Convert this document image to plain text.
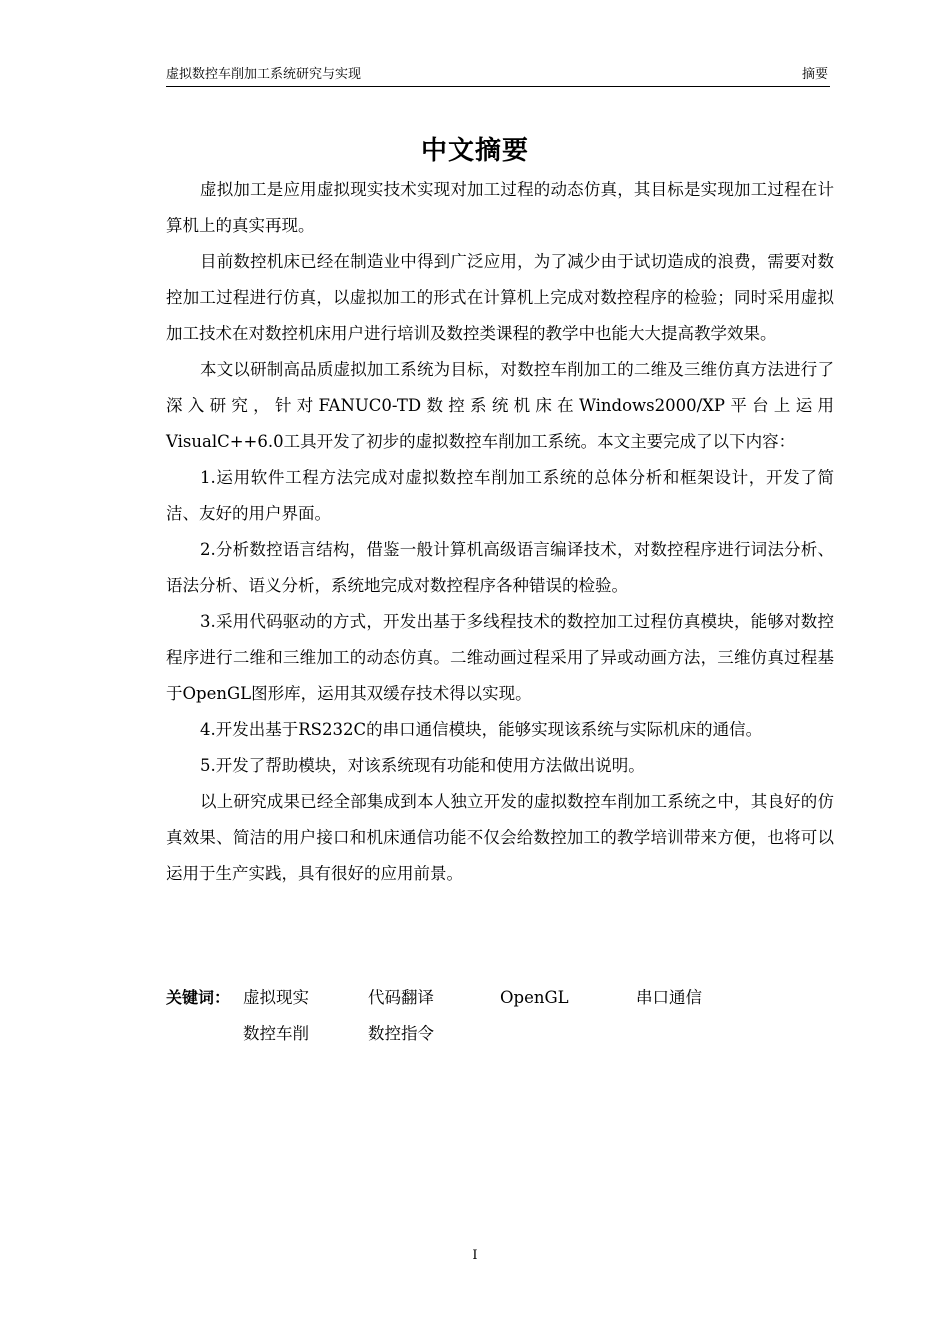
虚拟数控车削加工系统研究与实现	摘要
中文摘要

虚拟加工是应用虚拟现实技术实现对加工过程的动态仿真，其目标是实现加工过程在计算机上的真实再现。

目前数控机床已经在制造业中得到广泛应用，为了减少由于试切造成的浪费，需要对数控加工过程进行仿真，以虚拟加工的形式在计算机上完成对数控程序的检验；同时采用虚拟加工技术在对数控机床用户进行培训及数控类课程的教学中也能大大提高教学效果。

本文以研制高品质虚拟加工系统为目标，对数控车削加工的二维及三维仿真方法进行了深入研究，针对FANUC0-TD数控系统机床在Windows2000/XP平台上运用VisualC++6.0工具开发了初步的虚拟数控车削加工系统。本文主要完成了以下内容：

1.运用软件工程方法完成对虚拟数控车削加工系统的总体分析和框架设计，开发了简洁、友好的用户界面。

2.分析数控语言结构，借鉴一般计算机高级语言编译技术，对数控程序进行词法分析、语法分析、语义分析，系统地完成对数控程序各种错误的检验。

3.采用代码驱动的方式，开发出基于多线程技术的数控加工过程仿真模块，能够对数控程序进行二维和三维加工的动态仿真。二维动画过程采用了异或动画方法，三维仿真过程基于OpenGL图形库，运用其双缓存技术得以实现。

4.开发出基于RS232C的串口通信模块，能够实现该系统与实际机床的通信。

5.开发了帮助模块，对该系统现有功能和使用方法做出说明。

以上研究成果已经全部集成到本人独立开发的虚拟数控车削加工系统之中，其良好的仿真效果、简洁的用户接口和机床通信功能不仅会给数控加工的教学培训带来方便，也将可以运用于生产实践，具有很好的应用前景。

关键词： 虚拟现实	代码翻译	OpenGL	串口通信
数控车削	数控指令
I
